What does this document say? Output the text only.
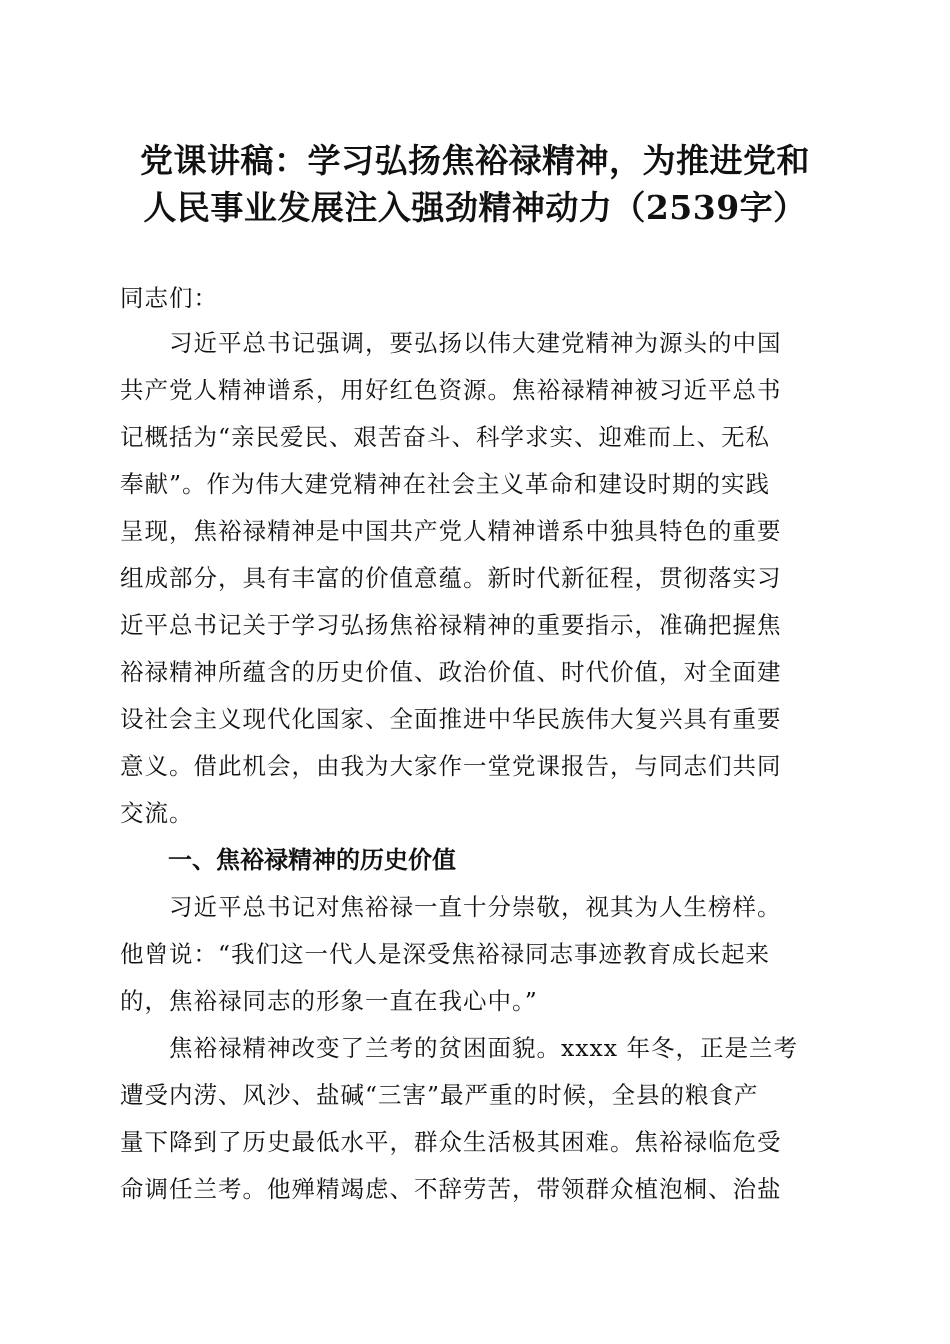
党课讲稿：学习弘扬焦裕禄精神，为推进党和
人民事业发展注入强劲精神动力（2539字）
同志们：
　　习近平总书记强调，要弘扬以伟大建党精神为源头的中国
共产党人精神谱系，用好红色资源。焦裕禄精神被习近平总书
记概括为“亲民爱民、艰苦奋斗、科学求实、迎难而上、无私
奉献”。作为伟大建党精神在社会主义革命和建设时期的实践
呈现，焦裕禄精神是中国共产党人精神谱系中独具特色的重要
组成部分，具有丰富的价值意蕴。新时代新征程，贯彻落实习
近平总书记关于学习弘扬焦裕禄精神的重要指示，准确把握焦
裕禄精神所蕴含的历史价值、政治价值、时代价值，对全面建
设社会主义现代化国家、全面推进中华民族伟大复兴具有重要
意义。借此机会，由我为大家作一堂党课报告，与同志们共同
交流。
一、焦裕禄精神的历史价值
　　习近平总书记对焦裕禄一直十分崇敬，视其为人生榜样。
他曾说：“我们这一代人是深受焦裕禄同志事迹教育成长起来
的，焦裕禄同志的形象一直在我心中。”
　　焦裕禄精神改变了兰考的贫困面貌。xxxx 年冬，正是兰考
遭受内涝、风沙、盐碱“三害”最严重的时候，全县的粮食产
量下降到了历史最低水平，群众生活极其困难。焦裕禄临危受
命调任兰考。他殚精竭虑、不辞劳苦，带领群众植泡桐、治盐
